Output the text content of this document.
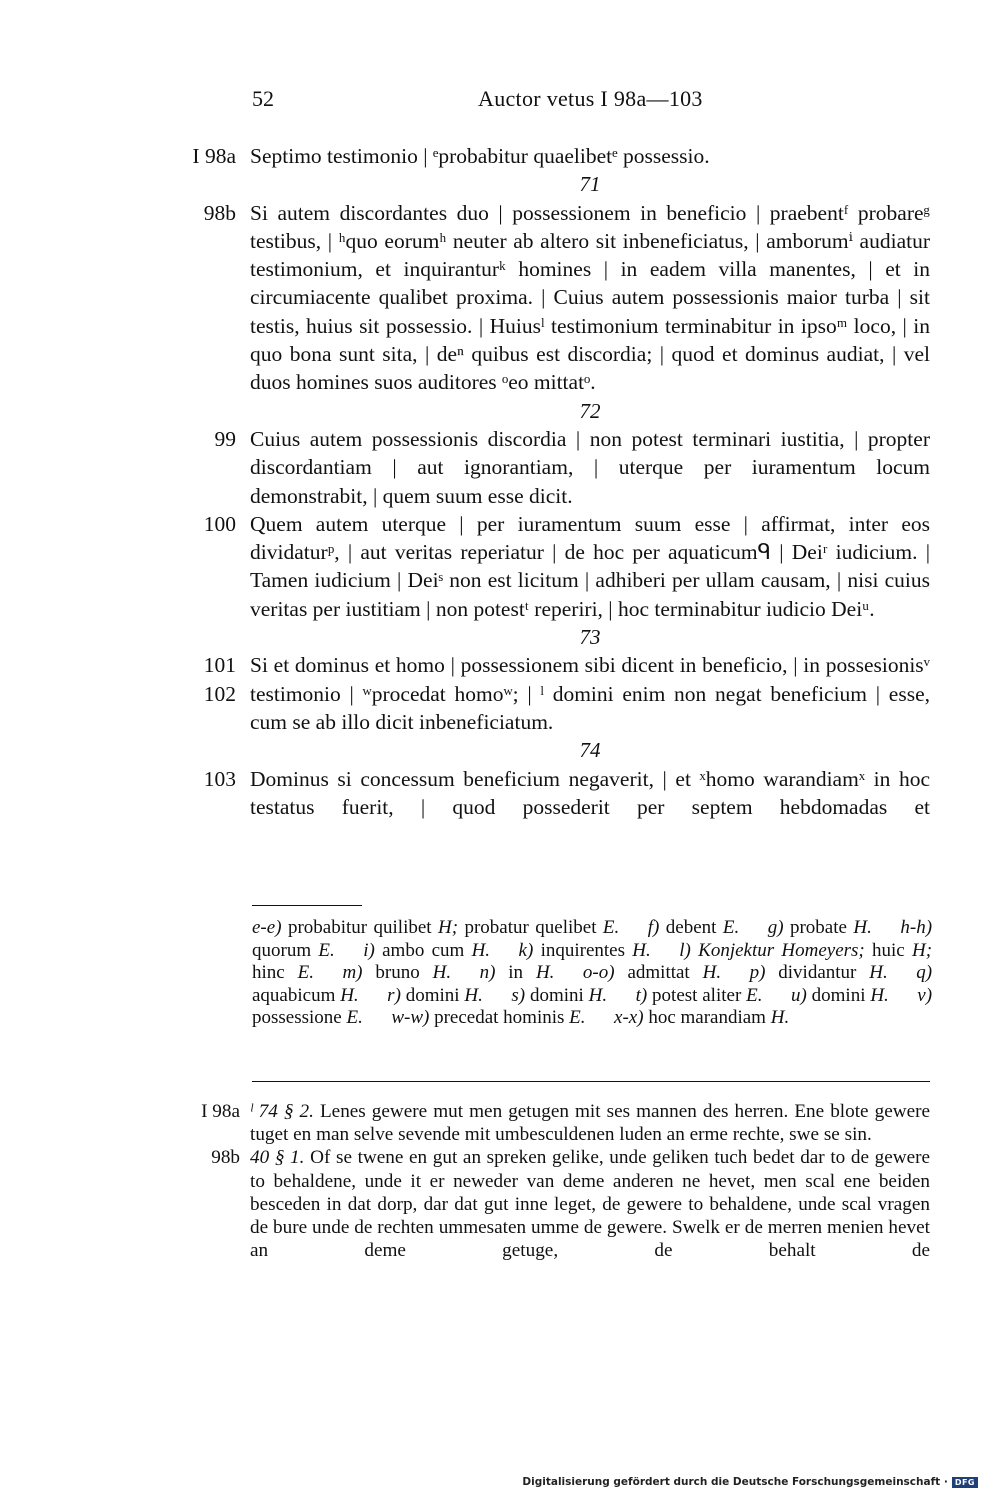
52	Auctor vetus I 98a—103
I 98a Septimo testimonio | ᵉprobabitur quaelibetᵉ possessio.
71
98b Si autem discordantes duo | possessionem in beneficio | praebentᶠ probareᵍ testibus, | ʰquo eorumʰ neuter ab altero sit inbeneficiatus, | amborumⁱ audiatur testimonium, et inquiranturᵏ homines | in eadem villa manentes, | et in circumiacente qualibet proxima. | Cuius autem possessionis maior turba | sit testis, huius sit possessio. | Huiusˡ testimonium terminabitur in ipsoᵐ loco, | in quo bona sunt sita, | deⁿ quibus est discordia; | quod et dominus audiat, | vel duos homines suos auditores ᵒeo mittatᵒ.
72
99 Cuius autem possessionis discordia | non potest terminari iustitia, | propter discordantiam | aut ignorantiam, | uterque per iuramentum locum demonstrabit, | quem suum esse dicit.
100 Quem autem uterque | per iuramentum suum esse | affirmat, inter eos dividaturᵖ, | aut veritas reperiatur | de hoc per aquaticumᑫ | Deiʳ iudicium. | Tamen iudicium | Deiˢ non est licitum | adhiberi per ullam causam, | nisi cuius veritas per iustitiam | non potestᵗ reperiri, | hoc terminabitur iudicio Deiᵘ.
73
101
102
Si et dominus et homo | possessionem sibi dicent in beneficio, | in possesionisᵛ testimonio | ʷprocedat homoʷ; | ˡ domini enim non negat beneficium | esse, cum se ab illo dicit inbeneficiatum.
74
103 Dominus si concessum beneficium negaverit, | et ˣhomo warandiamˣ in hoc testatus fuerit, | quod possederit per septem hebdomadas et
e-e) probabitur quilibet H; probatur quelibet E.   f) debent E.   g) probate H.   h-h) quorum E.   i) ambo cum H.   k) inquirentes H.   l) Konjektur Homeyers; huic H; hinc E.   m) bruno H.   n) in H.   o-o) admittat H.   p) dividantur H.   q) aquabicum H.   r) domini H.   s) domini H.   t) potest aliter E.   u) domini H.   v) possessione E.   w-w) precedat hominis E.   x-x) hoc marandiam H.
I 98a ˡ 74 § 2. Lenes gewere mut men getugen mit ses mannen des herren. Ene blote gewere tuget en man selve sevende mit umbesculdenen luden an erme rechte, swe se sin.
98b 40 § 1. Of se twene en gut an spreken gelike, unde geliken tuch bedet dar to de gewere to behaldene, unde it er neweder van deme anderen ne hevet, men scal ene beiden besceden in dat dorp, dar dat gut inne leget, de gewere to behaldene, unde scal vragen de bure unde de rechten ummesaten umme de gewere. Swelk er de merren menien hevet an deme getuge, de behalt de
Digitalisierung gefördert durch die Deutsche Forschungsgemeinschaft · DFG
